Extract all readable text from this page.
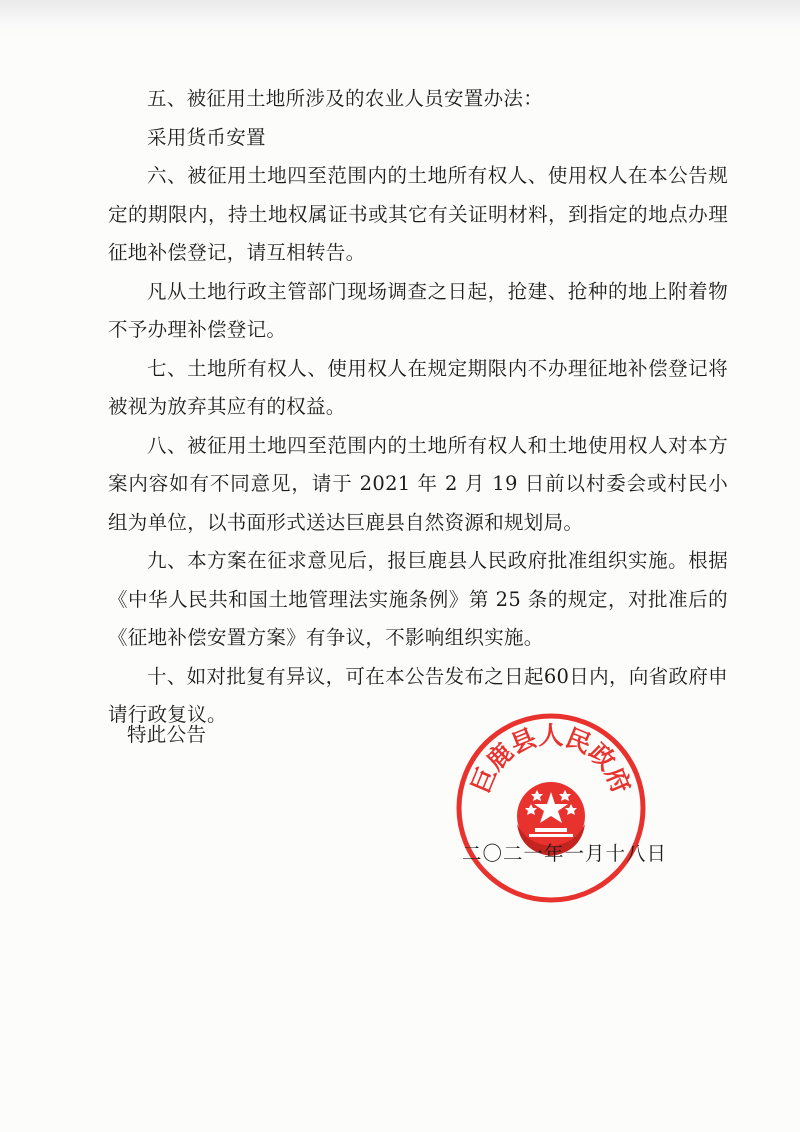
五、被征用土地所涉及的农业人员安置办法：

采用货币安置

六、被征用土地四至范围内的土地所有权人、使用权人在本公告规定的期限内，持土地权属证书或其它有关证明材料，到指定的地点办理征地补偿登记，请互相转告。

凡从土地行政主管部门现场调查之日起，抢建、抢种的地上附着物不予办理补偿登记。

七、土地所有权人、使用权人在规定期限内不办理征地补偿登记将被视为放弃其应有的权益。

八、被征用土地四至范围内的土地所有权人和土地使用权人对本方案内容如有不同意见，请于 2021 年 2 月 19 日前以村委会或村民小组为单位，以书面形式送达巨鹿县自然资源和规划局。

九、本方案在征求意见后，报巨鹿县人民政府批准组织实施。根据《中华人民共和国土地管理法实施条例》第 25 条的规定，对批准后的《征地补偿安置方案》有争议，不影响组织实施。

十、如对批复有异议，可在本公告发布之日起60日内，向省政府申请行政复议。

特此公告

巨鹿县人民政府

二〇二一年一月十八日
